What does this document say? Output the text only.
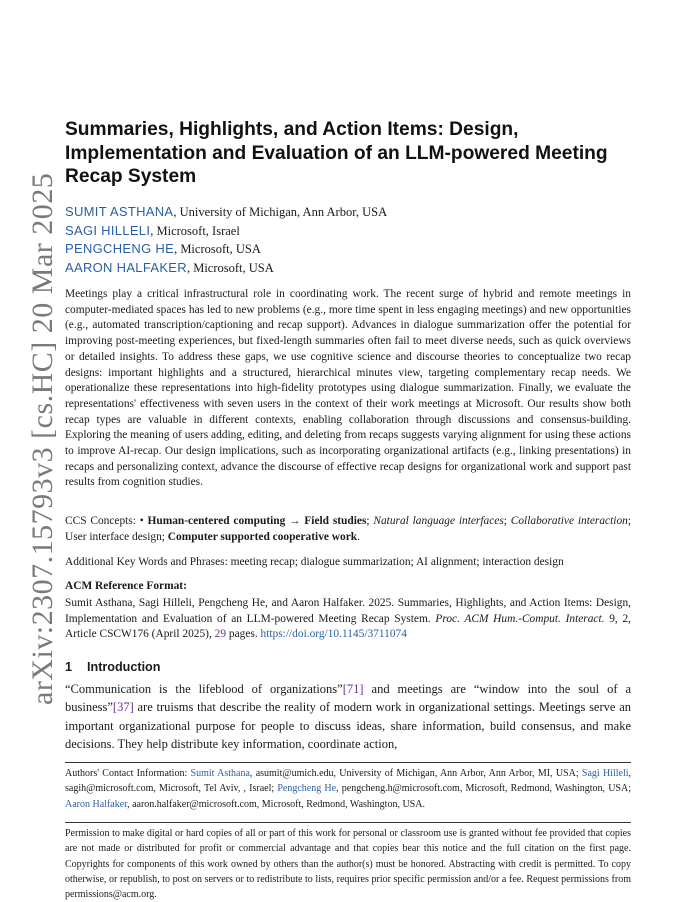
arXiv:2307.15793v3 [cs.HC] 20 Mar 2025
Summaries, Highlights, and Action Items: Design, Implementation and Evaluation of an LLM-powered Meeting Recap System
SUMIT ASTHANA, University of Michigan, Ann Arbor, USA
SAGI HILLELI, Microsoft, Israel
PENGCHENG HE, Microsoft, USA
AARON HALFAKER, Microsoft, USA

Meetings play a critical infrastructural role in coordinating work. The recent surge of hybrid and remote meetings in computer-mediated spaces has led to new problems (e.g., more time spent in less engaging meetings) and new opportunities (e.g., automated transcription/captioning and recap support). Advances in dialogue summarization offer the potential for improving post-meeting experiences, but fixed-length summaries often fail to meet diverse needs, such as quick overviews or detailed insights. To address these gaps, we use cognitive science and discourse theories to conceptualize two recap designs: important highlights and a structured, hierarchical minutes view, targeting complementary recap needs. We operationalize these representations into high-fidelity prototypes using dialogue summarization. Finally, we evaluate the representations' effectiveness with seven users in the context of their work meetings at Microsoft. Our results show both recap types are valuable in different contexts, enabling collaboration through discussions and consensus-building. Exploring the meaning of users adding, editing, and deleting from recaps suggests varying alignment for using these actions to improve AI-recap. Our design implications, such as incorporating organizational artifacts (e.g., linking presentations) in recaps and personalizing context, advance the discourse of effective recap designs for organizational work and support past results from cognition studies.

CCS Concepts: • Human-centered computing → Field studies; Natural language interfaces; Collaborative interaction; User interface design; Computer supported cooperative work.

Additional Key Words and Phrases: meeting recap; dialogue summarization; AI alignment; interaction design

ACM Reference Format:

Sumit Asthana, Sagi Hilleli, Pengcheng He, and Aaron Halfaker. 2025. Summaries, Highlights, and Action Items: Design, Implementation and Evaluation of an LLM-powered Meeting Recap System. Proc. ACM Hum.-Comput. Interact. 9, 2, Article CSCW176 (April 2025), 29 pages. https://doi.org/10.1145/3711074

1 Introduction

“Communication is the lifeblood of organizations”[71] and meetings are “window into the soul of a business”[37] are truisms that describe the reality of modern work in organizational settings. Meetings serve an important organizational purpose for people to discuss ideas, share information, build consensus, and make decisions. They help distribute key information, coordinate action,

Authors' Contact Information: Sumit Asthana, asumit@umich.edu, University of Michigan, Ann Arbor, Ann Arbor, MI, USA; Sagi Hilleli, sagih@microsoft.com, Microsoft, Tel Aviv, , Israel; Pengcheng He, pengcheng.h@microsoft.com, Microsoft, Redmond, Washington, USA; Aaron Halfaker, aaron.halfaker@microsoft.com, Microsoft, Redmond, Washington, USA.

Permission to make digital or hard copies of all or part of this work for personal or classroom use is granted without fee provided that copies are not made or distributed for profit or commercial advantage and that copies bear this notice and the full citation on the first page. Copyrights for components of this work owned by others than the author(s) must be honored. Abstracting with credit is permitted. To copy otherwise, or republish, to post on servers or to redistribute to lists, requires prior specific permission and/or a fee. Request permissions from permissions@acm.org.
